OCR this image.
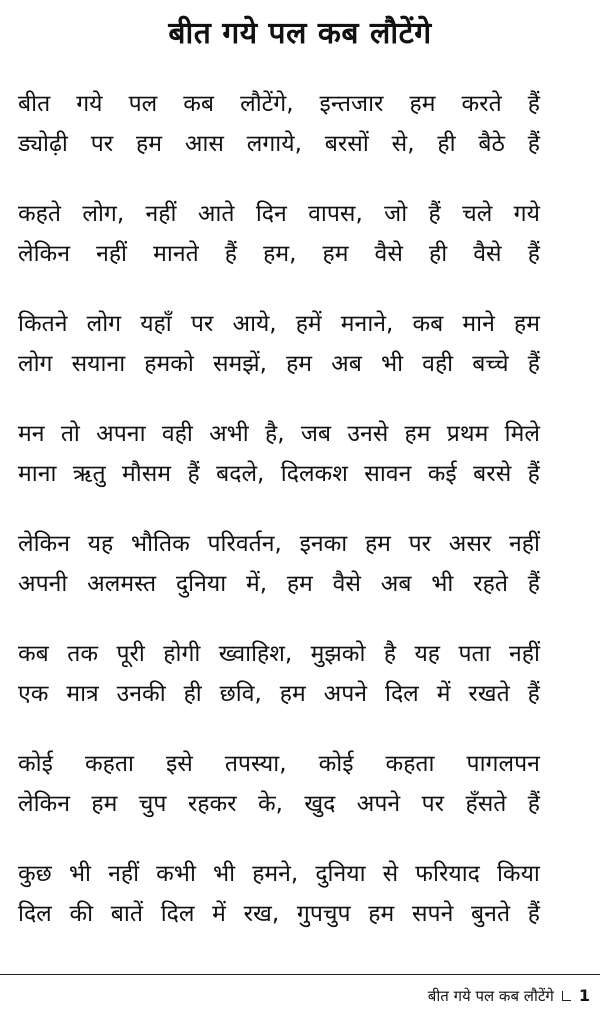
बीत गये पल कब लौटेंगे
बीत गये पल कब लौटेंगे, इन्तजार हम करते हैं
ड्योढ़ी पर हम आस लगाये, बरसों से, ही बैठे हैं
कहते लोग, नहीं आते दिन वापस, जो हैं चले गये
लेकिन नहीं मानते हैं हम, हम वैसे ही वैसे हैं
कितने लोग यहाँ पर आये, हमें मनाने, कब माने हम
लोग सयाना हमको समझें, हम अब भी वही बच्चे हैं
मन तो अपना वही अभी है, जब उनसे हम प्रथम मिले
माना ऋतु मौसम हैं बदले, दिलकश सावन कई बरसे हैं
लेकिन यह भौतिक परिवर्तन, इनका हम पर असर नहीं
अपनी अलमस्त दुनिया में, हम वैसे अब भी रहते हैं
कब तक पूरी होगी ख्वाहिश, मुझको है यह पता नहीं
एक मात्र उनकी ही छवि, हम अपने दिल में रखते हैं
कोई कहता इसे तपस्या, कोई कहता पागलपन
लेकिन हम चुप रहकर के, खुद अपने पर हँसते हैं
कुछ भी नहीं कभी भी हमने, दुनिया से फरियाद किया
दिल की बातें दिल में रख, गुपचुप हम सपने बुनते हैं
बीत गये पल कब लौटेंगे 1
